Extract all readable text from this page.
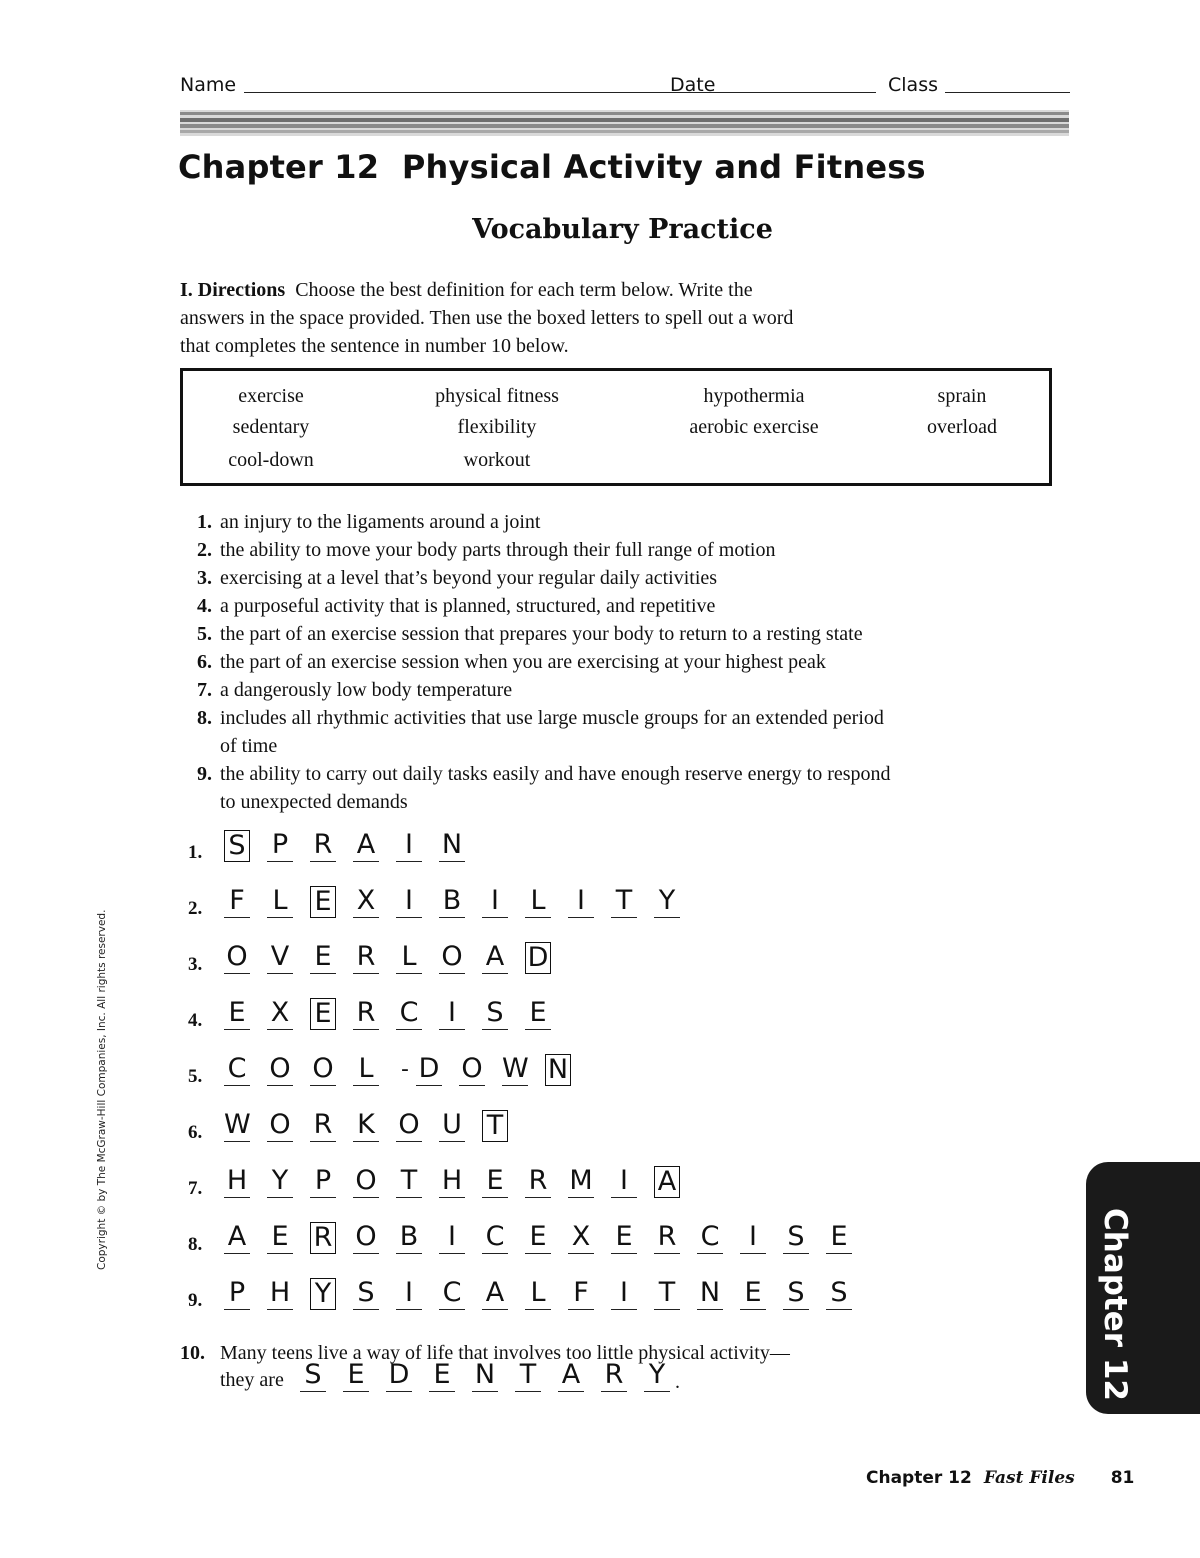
Name	Date	Class
Chapter 12  Physical Activity and Fitness
Vocabulary Practice

I. Directions Choose the best definition for each term below. Write the

answers in the space provided. Then use the boxed letters to spell out a word

that completes the sentence in number 10 below.

exercise	physical fitness	hypothermia	sprain
sedentary	flexibility	aerobic exercise	overload
cool-down	workout
1. an injury to the ligaments around a joint
2. the ability to move your body parts through their full range of motion
3. exercising at a level that’s beyond your regular daily activities
4. a purposeful activity that is planned, structured, and repetitive
5. the part of an exercise session that prepares your body to return to a resting state
6. the part of an exercise session when you are exercising at your highest peak
7. a dangerously low body temperature
8. includes all rhythmic activities that use large muscle groups for an extended period
of time
9. the ability to carry out daily tasks easily and have enough reserve energy to respond
to unexpected demands
1. S P R A	I	N
2. F L E X	I	B	I	L	I	T Y
3. O V E R L O A D
4. E X E R C	I	S E
5. C O O L - D O W N
6. W O R K O U T
7. H Y P O T H E R M	I	A
8. A E R O B	I	C E X E R C	I	S E
9. P H Y S	I	C A L F	I	T N E S S
10. Many teens live a way of life that involves too little physical activity—
they are S E D E N T A R Y .
Copyright © by The McGraw-Hill Companies, Inc. All rights reserved.
Chapter 12
Chapter 12 Fast Files 81
